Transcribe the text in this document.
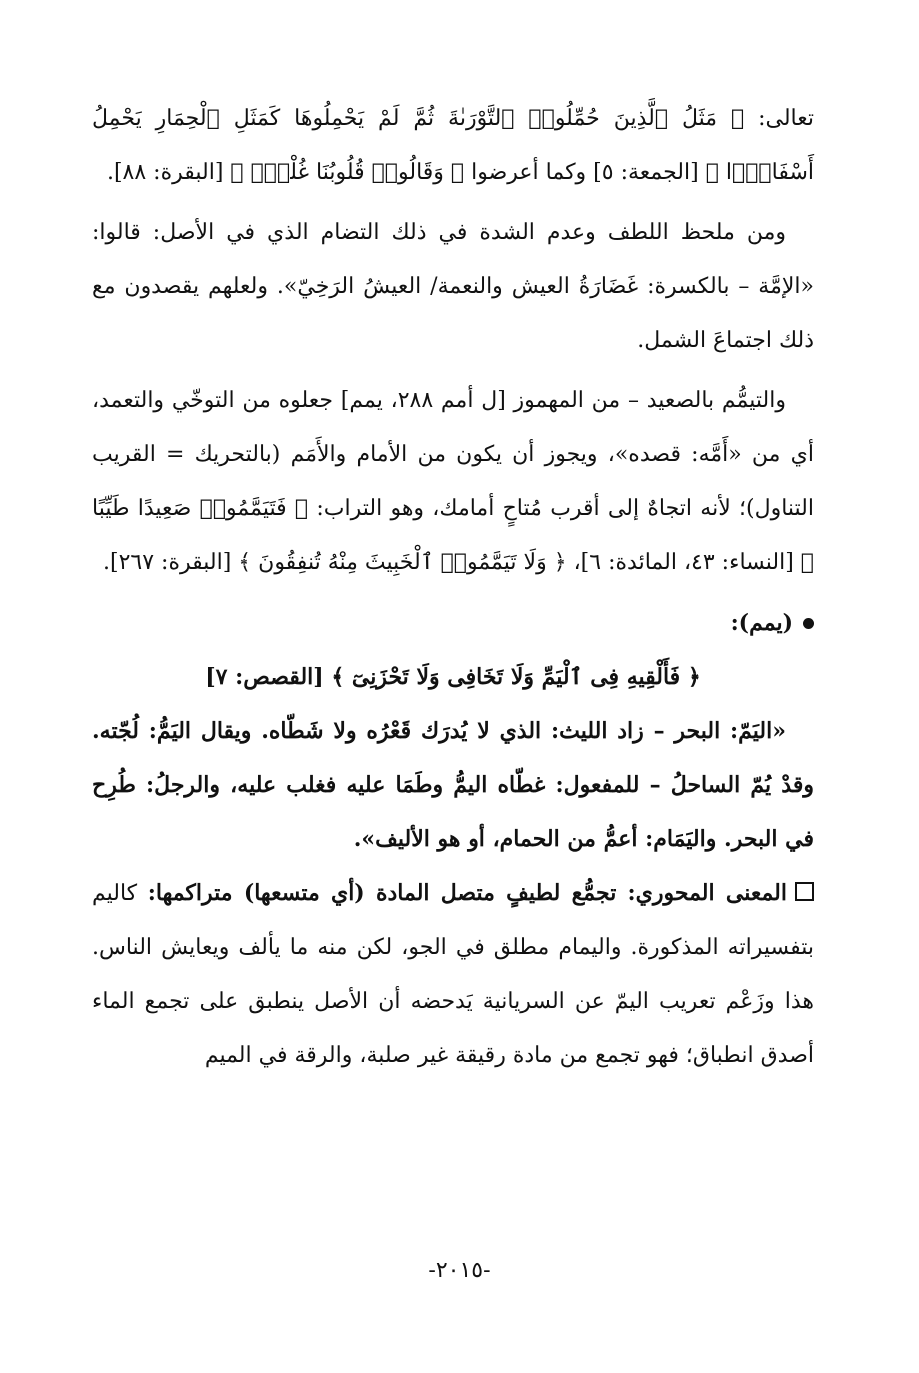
تعالى: ﴿ مَثَلُ ٱلَّذِينَ حُمِّلُوا۟ ٱلتَّوْرَىٰةَ ثُمَّ لَمْ يَحْمِلُوهَا كَمَثَلِ ٱلْحِمَارِ يَحْمِلُ أَسْفَارًۢا ﴾ [الجمعة: ٥] وكما أعرضوا ﴿ وَقَالُوا۟ قُلُوبُنَا غُلْفٌۢ ﴾ [البقرة: ٨٨].

ومن ملحظ اللطف وعدم الشدة في ذلك التضام الذي في الأصل: قالوا: «الإمَّة – بالكسرة: غَضَارَةُ العيش والنعمة/ العيشُ الرَخِيّ». ولعلهم يقصدون مع ذلك اجتماعَ الشمل.

والتيمُّم بالصعيد – من المهموز [ل أمم ٢٨٨، يمم] جعلوه من التوخّي والتعمد، أي من «أَمَّه: قصده»، ويجوز أن يكون من الأمام والأَمَم (بالتحريك = القريب التناول)؛ لأنه اتجاهٌ إلى أقرب مُتاحٍ أمامك، وهو التراب: ﴿ فَتَيَمَّمُوا۟ صَعِيدًا طَيِّبًا ﴾ [النساء: ٤٣، المائدة: ٦]، ﴿ وَلَا تَيَمَّمُوا۟ ٱلْخَبِيثَ مِنْهُ تُنفِقُونَ ﴾ [البقرة: ٢٦٧].

(يمم):

﴿ فَأَلْقِيهِ فِى ٱلْيَمِّ وَلَا تَخَافِى وَلَا تَحْزَنِىٓ ﴾ [القصص: ٧]

«اليَمّ: البحر – زاد الليث: الذي لا يُدرَك قَعْرُه ولا شَطّاه. ويقال اليَمُّ: لُجّته. وقدْ يُمّ الساحلُ – للمفعول: غطّاه اليمُّ وطَمَا عليه فغلب عليه، والرجلُ: طُرِح في البحر. واليَمَام: أعمُّ من الحمام، أو هو الأليف».

المعنى المحوري: تجمُّع لطيفٍ متصل المادة (أي متسعها) متراكمها: كاليم بتفسيراته المذكورة. واليمام مطلق في الجو، لكن منه ما يألف ويعايش الناس. هذا وزَعْم تعريب اليمّ عن السريانية يَدحضه أن الأصل ينطبق على تجمع الماء أصدق انطباق؛ فهو تجمع من مادة رقيقة غير صلبة، والرقة في الميم

-٢٠١٥-
